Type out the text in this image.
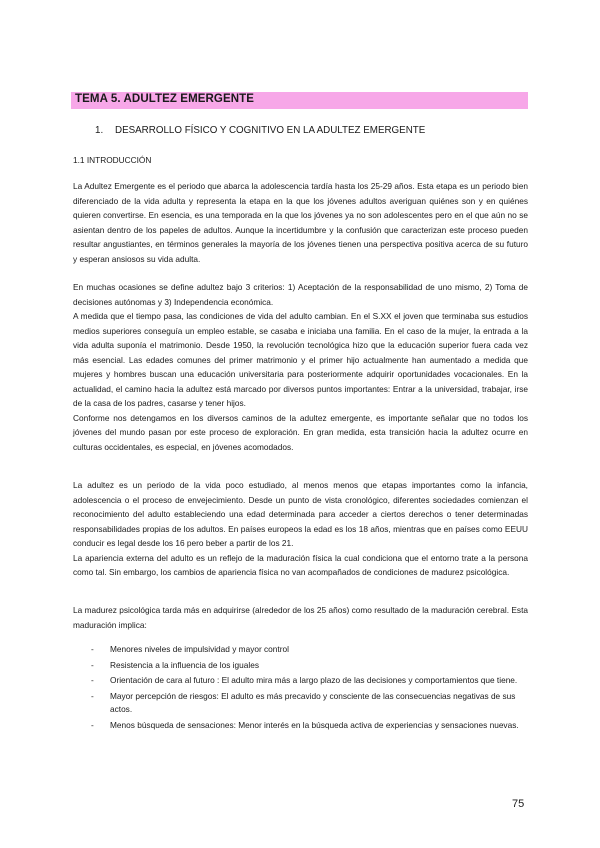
TEMA 5. ADULTEZ EMERGENTE
1. DESARROLLO FÍSICO Y COGNITIVO EN LA ADULTEZ EMERGENTE
1.1 INTRODUCCIÓN

La Adultez Emergente es el periodo que abarca la adolescencia tardía hasta los 25-29 años. Esta etapa es un periodo bien diferenciado de la vida adulta y representa la etapa en la que los jóvenes adultos averiguan quiénes son y en quiénes quieren convertirse. En esencia, es una temporada en la que los jóvenes ya no son adolescentes pero en el que aún no se asientan dentro de los papeles de adultos. Aunque la incertidumbre y la confusión que caracterizan este proceso pueden resultar angustiantes, en términos generales la mayoría de los jóvenes tienen una perspectiva positiva acerca de su futuro y esperan ansiosos su vida adulta.

En muchas ocasiones se define adultez bajo 3 criterios: 1) Aceptación de la responsabilidad de uno mismo, 2) Toma de decisiones autónomas y 3) Independencia económica.

A medida que el tiempo pasa, las condiciones de vida del adulto cambian. En el S.XX el joven que terminaba sus estudios medios superiores conseguía un empleo estable, se casaba e iniciaba una familia. En el caso de la mujer, la entrada a la vida adulta suponía el matrimonio. Desde 1950, la revolución tecnológica hizo que la educación superior fuera cada vez más esencial. Las edades comunes del primer matrimonio y el primer hijo actualmente han aumentado a medida que mujeres y hombres buscan una educación universitaria para posteriormente adquirir oportunidades vocacionales. En la actualidad, el camino hacia la adultez está marcado por diversos puntos importantes: Entrar a la universidad, trabajar, irse de la casa de los padres, casarse y tener hijos.

Conforme nos detengamos en los diversos caminos de la adultez emergente, es importante señalar que no todos los jóvenes del mundo pasan por este proceso de exploración. En gran medida, esta transición hacia la adultez ocurre en culturas occidentales, es especial, en jóvenes acomodados.

La adultez es un periodo de la vida poco estudiado, al menos menos que etapas importantes como la infancia, adolescencia o el proceso de envejecimiento. Desde un punto de vista cronológico, diferentes sociedades comienzan el reconocimiento del adulto estableciendo una edad determinada para acceder a ciertos derechos o tener determinadas responsabilidades propias de los adultos. En países europeos la edad es los 18 años, mientras que en países como EEUU conducir es legal desde los 16 pero beber a partir de los 21.

La apariencia externa del adulto es un reflejo de la maduración física la cual condiciona que el entorno trate a la persona como tal. Sin embargo, los cambios de apariencia física no van acompañados de condiciones de madurez psicológica.

La madurez psicológica tarda más en adquirirse (alrededor de los 25 años) como resultado de la maduración cerebral. Esta maduración implica:

-	Menores niveles de impulsividad y mayor control
-	Resistencia a la influencia de los iguales
-	Orientación de cara al futuro : El adulto mira más a largo plazo de las decisiones y comportamientos que tiene.
-	Mayor percepción de riesgos: El adulto es más precavido y consciente de las consecuencias negativas de sus actos.
-	Menos búsqueda de sensaciones: Menor interés en la búsqueda activa de experiencias y sensaciones nuevas.
75
